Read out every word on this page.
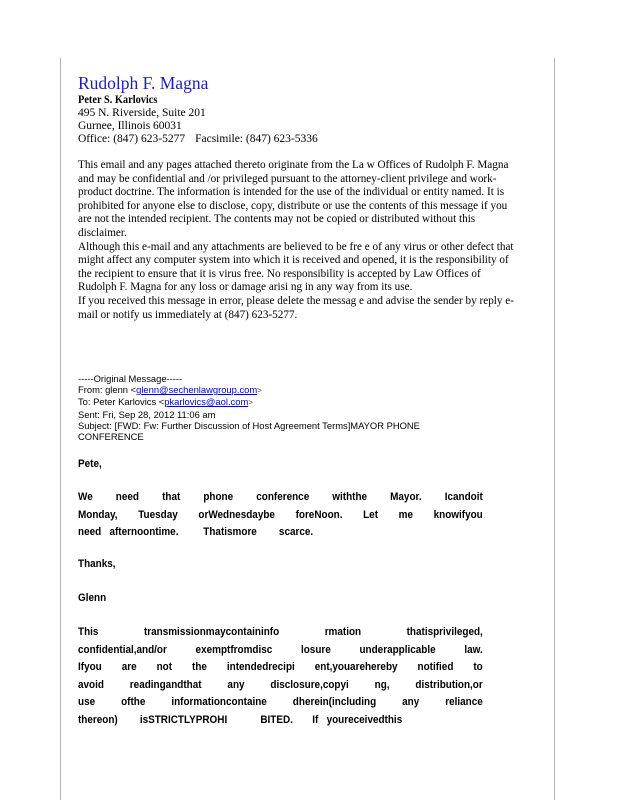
Rudolph F. Magna
Peter S. Karlovics
495 N. Riverside, Suite 201
Gurnee, Illinois 60031
Office: (847) 623-5277 Facsimile: (847) 623-5336

This email and any pages attached thereto originate from the La w Offices of Rudolph F. Magna and may be confidential and /or privileged pursuant to the attorney-client privilege and work-product doctrine. The information is intended for the use of the individual or entity named. It is prohibited for anyone else to disclose, copy, distribute or use the contents of this message if you are not the intended recipient. The contents may not be copied or distributed without this disclaimer.

Although this e-mail and any attachments are believed to be fre e of any virus or other defect that might affect any computer system into which it is received and opened, it is the responsibility of the recipient to ensure that it is virus free. No responsibility is accepted by Law Offices of Rudolph F. Magna for any loss or damage arisi ng in any way from its use.

If you received this message in error, please delete the messag e and advise the sender by reply e-mail or notify us immediately at (847) 623-5277.

-----Original Message-----
From: glenn <glenn@sechenlawgroup.com>
To: Peter Karlovics <pkarlovics@aol.com>
Sent: Fri, Sep 28, 2012 11:06 am
Subject: [FWD: Fw: Further Discussion of Host Agreement Terms]MAYOR PHONE
CONFERENCE
Pete,
We need that phone conference withthe Mayor. Icandoit
Monday, Tuesday orWednesdaybe foreNoon. Let me knowifyou
need afternoontime. Thatismore scarce.
Thanks,
Glenn
This	transmissionmaycontaininfo	rmation	thatisprivileged,
confidential,and/or	exemptfromdisc	losure	underapplicable	law.
Ifyou are not the intendedrecipi ent,youarehereby notified to
avoid readingandthat any disclosure,copyi ng, distribution,or
use ofthe informationcontaine dherein(including any reliance
thereon) isSTRICTLYPROHI	BITED. If youreceivedthis
